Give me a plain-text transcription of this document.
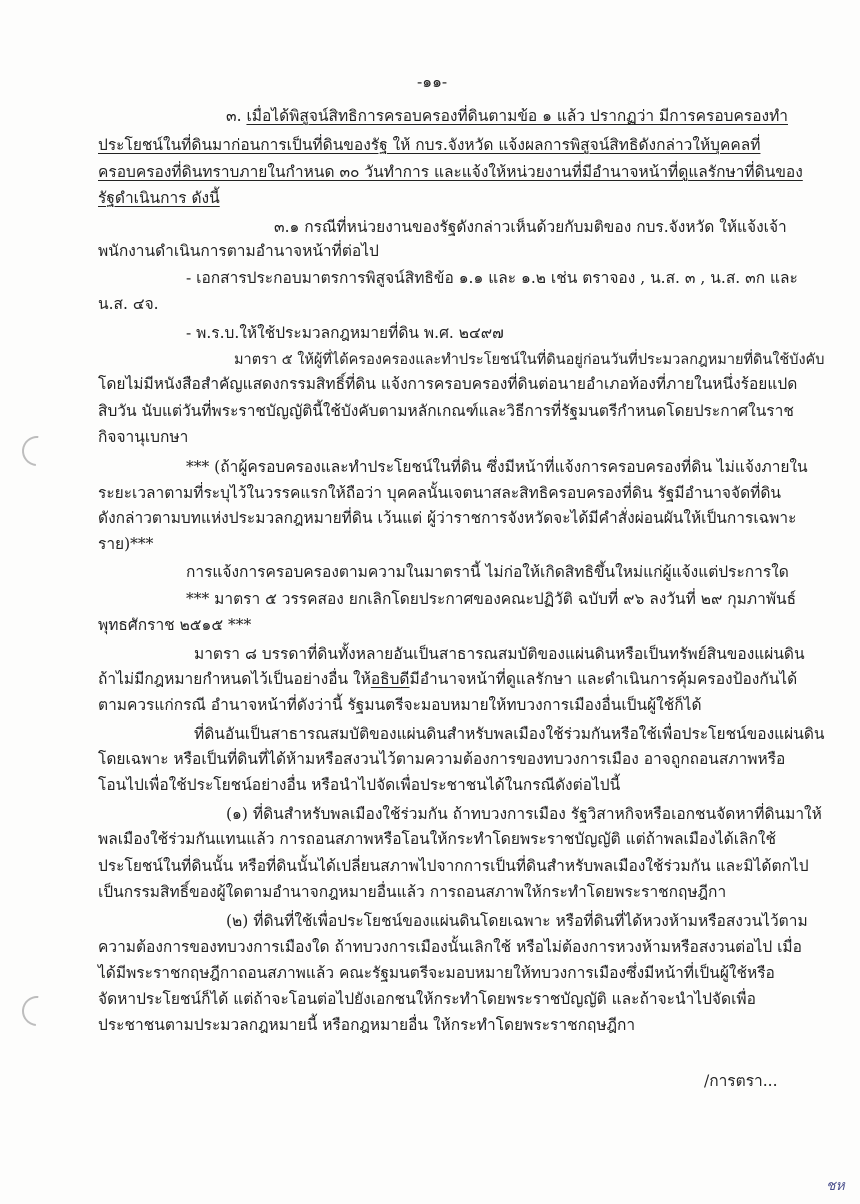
-๑๑-
๓. เมื่อได้พิสูจน์สิทธิการครอบครองที่ดินตามข้อ ๑ แล้ว ปรากฏว่า มีการครอบครองทำ
ประโยชน์ในที่ดินมาก่อนการเป็นที่ดินของรัฐ ให้ กบร.จังหวัด แจ้งผลการพิสูจน์สิทธิดังกล่าวให้บุคคลที่
ครอบครองที่ดินทราบภายในกำหนด ๓๐ วันทำการ และแจ้งให้หน่วยงานที่มีอำนาจหน้าที่ดูแลรักษาที่ดินของ
รัฐดำเนินการ ดังนี้
๓.๑ กรณีที่หน่วยงานของรัฐดังกล่าวเห็นด้วยกับมติของ กบร.จังหวัด ให้แจ้งเจ้า
พนักงานดำเนินการตามอำนาจหน้าที่ต่อไป
- เอกสารประกอบมาตรการพิสูจน์สิทธิข้อ ๑.๑ และ ๑.๒ เช่น ตราจอง , น.ส. ๓ , น.ส. ๓ก และ
น.ส. ๔จ.
- พ.ร.บ.ให้ใช้ประมวลกฎหมายที่ดิน พ.ศ. ๒๔๙๗
มาตรา ๕ ให้ผู้ที่ได้ครองครองและทำประโยชน์ในที่ดินอยู่ก่อนวันที่ประมวลกฎหมายที่ดินใช้บังคับ
โดยไม่มีหนังสือสำคัญแสดงกรรมสิทธิ์ที่ดิน แจ้งการครอบครองที่ดินต่อนายอำเภอท้องที่ภายในหนึ่งร้อยแปด
สิบวัน นับแต่วันที่พระราชบัญญัตินี้ใช้บังคับตามหลักเกณฑ์และวิธีการที่รัฐมนตรีกำหนดโดยประกาศในราช
กิจจานุเบกษา
*** (ถ้าผู้ครอบครองและทำประโยชน์ในที่ดิน ซึ่งมีหน้าที่แจ้งการครอบครองที่ดิน ไม่แจ้งภายใน
ระยะเวลาตามที่ระบุไว้ในวรรคแรกให้ถือว่า บุคคลนั้นเจตนาสละสิทธิครอบครองที่ดิน รัฐมีอำนาจจัดที่ดิน
ดังกล่าวตามบทแห่งประมวลกฎหมายที่ดิน เว้นแต่ ผู้ว่าราชการจังหวัดจะได้มีคำสั่งผ่อนผันให้เป็นการเฉพาะ
ราย)***
การแจ้งการครอบครองตามความในมาตรานี้ ไม่ก่อให้เกิดสิทธิขึ้นใหม่แก่ผู้แจ้งแต่ประการใด
*** มาตรา ๕ วรรคสอง ยกเลิกโดยประกาศของคณะปฏิวัติ ฉบับที่ ๙๖ ลงวันที่ ๒๙ กุมภาพันธ์
พุทธศักราช ๒๕๑๕ ***
มาตรา ๘ บรรดาที่ดินทั้งหลายอันเป็นสาธารณสมบัติของแผ่นดินหรือเป็นทรัพย์สินของแผ่นดิน
ถ้าไม่มีกฎหมายกำหนดไว้เป็นอย่างอื่น ให้อธิบดีมีอำนาจหน้าที่ดูแลรักษา และดำเนินการคุ้มครองป้องกันได้
ตามควรแก่กรณี อำนาจหน้าที่ดังว่านี้ รัฐมนตรีจะมอบหมายให้ทบวงการเมืองอื่นเป็นผู้ใช้ก็ได้
ที่ดินอันเป็นสาธารณสมบัติของแผ่นดินสำหรับพลเมืองใช้ร่วมกันหรือใช้เพื่อประโยชน์ของแผ่นดิน
โดยเฉพาะ หรือเป็นที่ดินที่ได้ห้ามหรือสงวนไว้ตามความต้องการของทบวงการเมือง อาจถูกถอนสภาพหรือ
โอนไปเพื่อใช้ประโยชน์อย่างอื่น หรือนำไปจัดเพื่อประชาชนได้ในกรณีดังต่อไปนี้
(๑) ที่ดินสำหรับพลเมืองใช้ร่วมกัน ถ้าทบวงการเมือง รัฐวิสาหกิจหรือเอกชนจัดหาที่ดินมาให้
พลเมืองใช้ร่วมกันแทนแล้ว การถอนสภาพหรือโอนให้กระทำโดยพระราชบัญญัติ แต่ถ้าพลเมืองได้เลิกใช้
ประโยชน์ในที่ดินนั้น หรือที่ดินนั้นได้เปลี่ยนสภาพไปจากการเป็นที่ดินสำหรับพลเมืองใช้ร่วมกัน และมิได้ตกไป
เป็นกรรมสิทธิ์ของผู้ใดตามอำนาจกฎหมายอื่นแล้ว การถอนสภาพให้กระทำโดยพระราชกฤษฎีกา
(๒) ที่ดินที่ใช้เพื่อประโยชน์ของแผ่นดินโดยเฉพาะ หรือที่ดินที่ได้หวงห้ามหรือสงวนไว้ตาม
ความต้องการของทบวงการเมืองใด ถ้าทบวงการเมืองนั้นเลิกใช้ หรือไม่ต้องการหวงห้ามหรือสงวนต่อไป เมื่อ
ได้มีพระราชกฤษฎีกาถอนสภาพแล้ว คณะรัฐมนตรีจะมอบหมายให้ทบวงการเมืองซึ่งมีหน้าที่เป็นผู้ใช้หรือ
จัดหาประโยชน์ก็ได้ แต่ถ้าจะโอนต่อไปยังเอกชนให้กระทำโดยพระราชบัญญัติ และถ้าจะนำไปจัดเพื่อ
ประชาชนตามประมวลกฎหมายนี้ หรือกฎหมายอื่น ให้กระทำโดยพระราชกฤษฎีกา
/การตรา...
ชห
